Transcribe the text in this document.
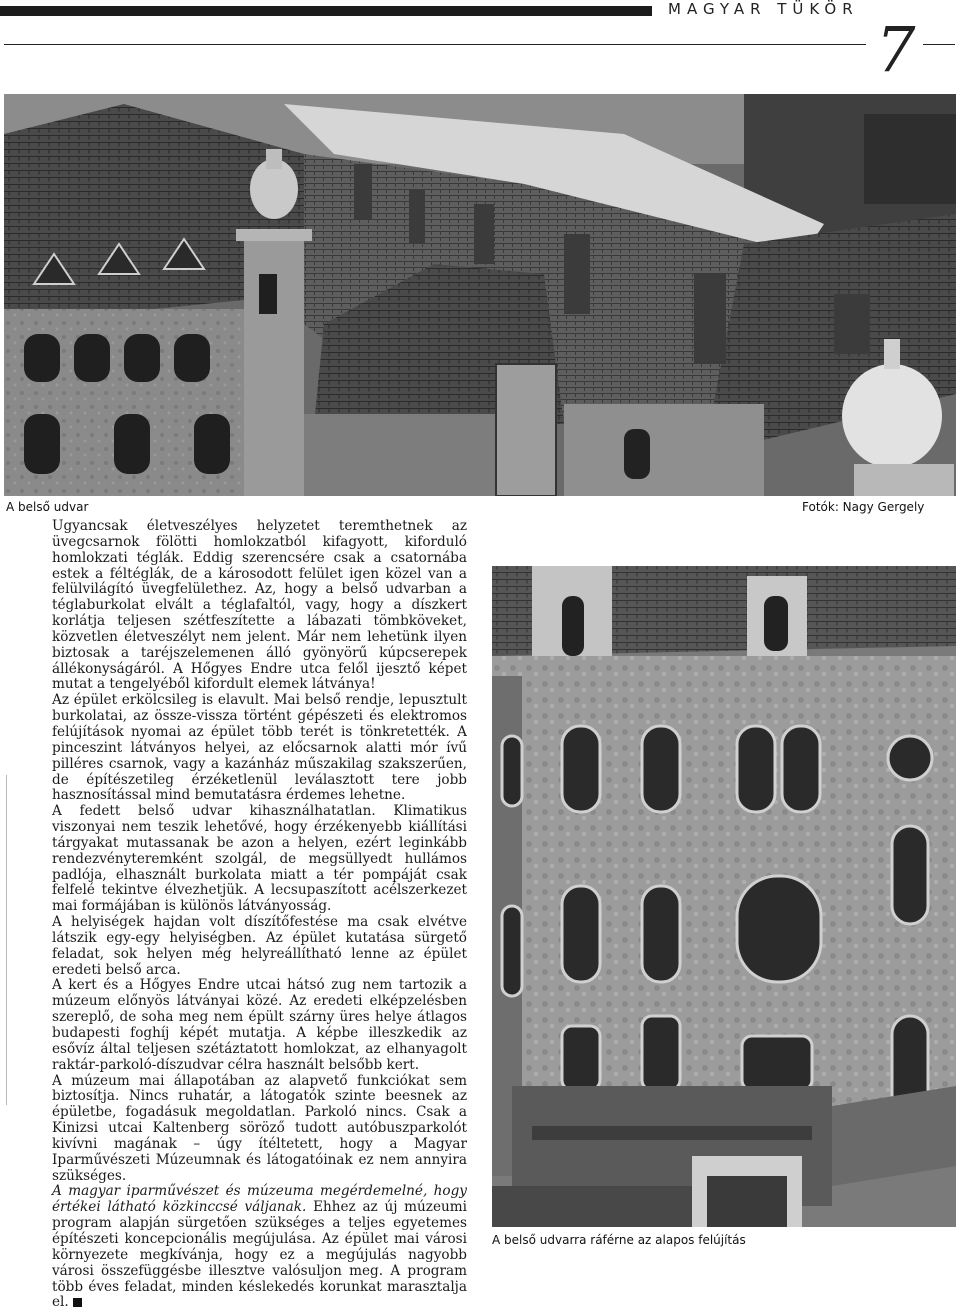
MAGYAR TÜKÖR
7
A belső udvar	Fotók: Nagy Gergely

Ugyancsak életveszélyes helyzetet teremthetnek az üvegcsarnok fölötti homlokzatból kifagyott, kiforduló homlokzati téglák. Eddig szerencsére csak a csatornába estek a féltéglák, de a károsodott felület igen közel van a felülvilágító üvegfelülethez. Az, hogy a belső udvarban a téglaburkolat elvált a téglafaltól, vagy, hogy a díszkert korlátja teljesen szétfeszítette a lábazati tömbköveket, közvetlen életveszélyt nem jelent. Már nem lehetünk ilyen biztosak a taréjszelemenen álló gyönyörű kúpcserepek állékonyságáról. A Hőgyes Endre utca felől ijesztő képet mutat a tengelyéből kifordult elemek látványa!

Az épület erkölcsileg is elavult. Mai belső rendje, lepusztult burkolatai, az össze-vissza történt gépészeti és elektromos felújítások nyomai az épület több terét is tönkretették. A pinceszint látványos helyei, az előcsarnok alatti mór ívű pilléres csarnok, vagy a kazánház műszakilag szakszerűen, de építészetileg érzéketlenül leválasztott tere jobb hasznosítással mind bemutatásra érdemes lehetne.

A fedett belső udvar kihasználhatatlan. Klimatikus viszonyai nem teszik lehetővé, hogy érzékenyebb kiállítási tárgyakat mutassanak be azon a helyen, ezért leginkább rendezvényteremként szolgál, de megsüllyedt hullámos padlója, elhasznált burkolata miatt a tér pompáját csak felfelé tekintve élvezhetjük. A lecsupaszított acélszerkezet mai formájában is különös látványosság.

A helyiségek hajdan volt díszítőfestése ma csak elvétve látszik egy-egy helyiségben. Az épület kutatása sürgető feladat, sok helyen még helyreállítható lenne az épület eredeti belső arca.

A kert és a Hőgyes Endre utcai hátsó zug nem tartozik a múzeum előnyös látványai közé. Az eredeti elképzelésben szereplő, de soha meg nem épült szárny üres helye átlagos budapesti foghíj képét mutatja. A képbe illeszkedik az esővíz által teljesen szétáztatott homlokzat, az elhanyagolt raktár-parkoló-díszudvar célra használt belsőbb kert.

A múzeum mai állapotában az alapvető funkciókat sem biztosítja. Nincs ruhatár, a látogatók szinte beesnek az épületbe, fogadásuk megoldatlan. Parkoló nincs. Csak a Kinizsi utcai Kaltenberg söröző tudott autóbuszparkolót kivívni magának – úgy ítéltetett, hogy a Magyar Iparművészeti Múzeumnak és látogatóinak ez nem annyira szükséges.

A magyar iparművészet és múzeuma megérdemelné, hogy értékei látható közkinccsé váljanak. Ehhez az új múzeumi program alapján sürgetően szükséges a teljes egyetemes építészeti koncepcionális megújulása. Az épület mai városi környezete megkívánja, hogy ez a megújulás nagyobb városi összefüggésbe illesztve valósuljon meg. A program több éves feladat, minden késlekedés korunkat marasztalja el.

A belső udvarra ráférne az alapos felújítás
